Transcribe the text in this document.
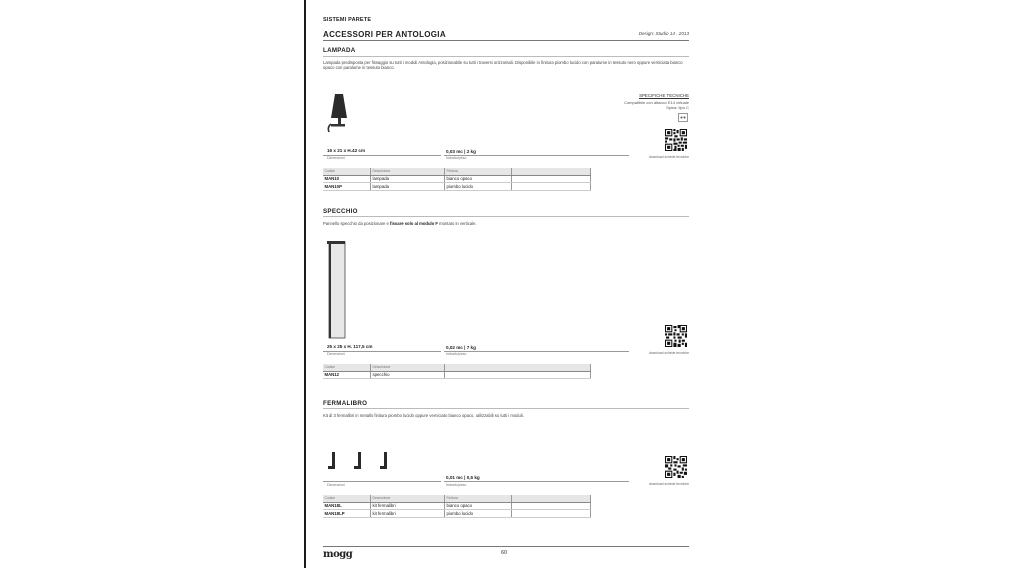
SISTEMI PARETE
ACCESSORI PER ANTOLOGIA	Design: Studio 14 . 2013
LAMPADA
Lampada predisposta per fissaggio su tutti i moduli Antologia, posizionabile su tutti i traversi orizzontali. Disponibile in finitura piombo lucido con paralume in tessuto nero oppure verniciata bianco opaco con paralume in tessuto bianco.
SPECIFICHE TECNICHE
Compatibile con attacco E14 virtuale
Spina: tipo C
download schede tecniche
16 x 21 x H.42 cm
Dimensioni
0,03 mc | 2 kg
Imballo/peso
Codice	Descrizione	Finitura	
MAN10	lampada	bianco opaco	
MAN10P	lampada	piombo lucido	
SPECCHIO
Pannello specchio da posizionare e fissare solo al modulo F montato in verticale.
download schede tecniche
25 x 25 x H. 117,5 cm
Dimensioni
0,02 mc | 7 kg
Imballo/peso
Codice	Descrizione	
MAN12	specchio	
FERMALIBRO
Kit di 3 fermalibri in metallo finitura piombo lucido oppure verniciato bianco opaco, utilizzabili su tutti i moduli.
download schede tecniche
Dimensioni
0,01 mc | 0,5 kg
Imballo/peso
Codice	Descrizione	Finitura	
MAN18L	kit fermalibri	bianco opaco	
MAN18LP	kit fermalibri	piombo lucido	
mogg	60
